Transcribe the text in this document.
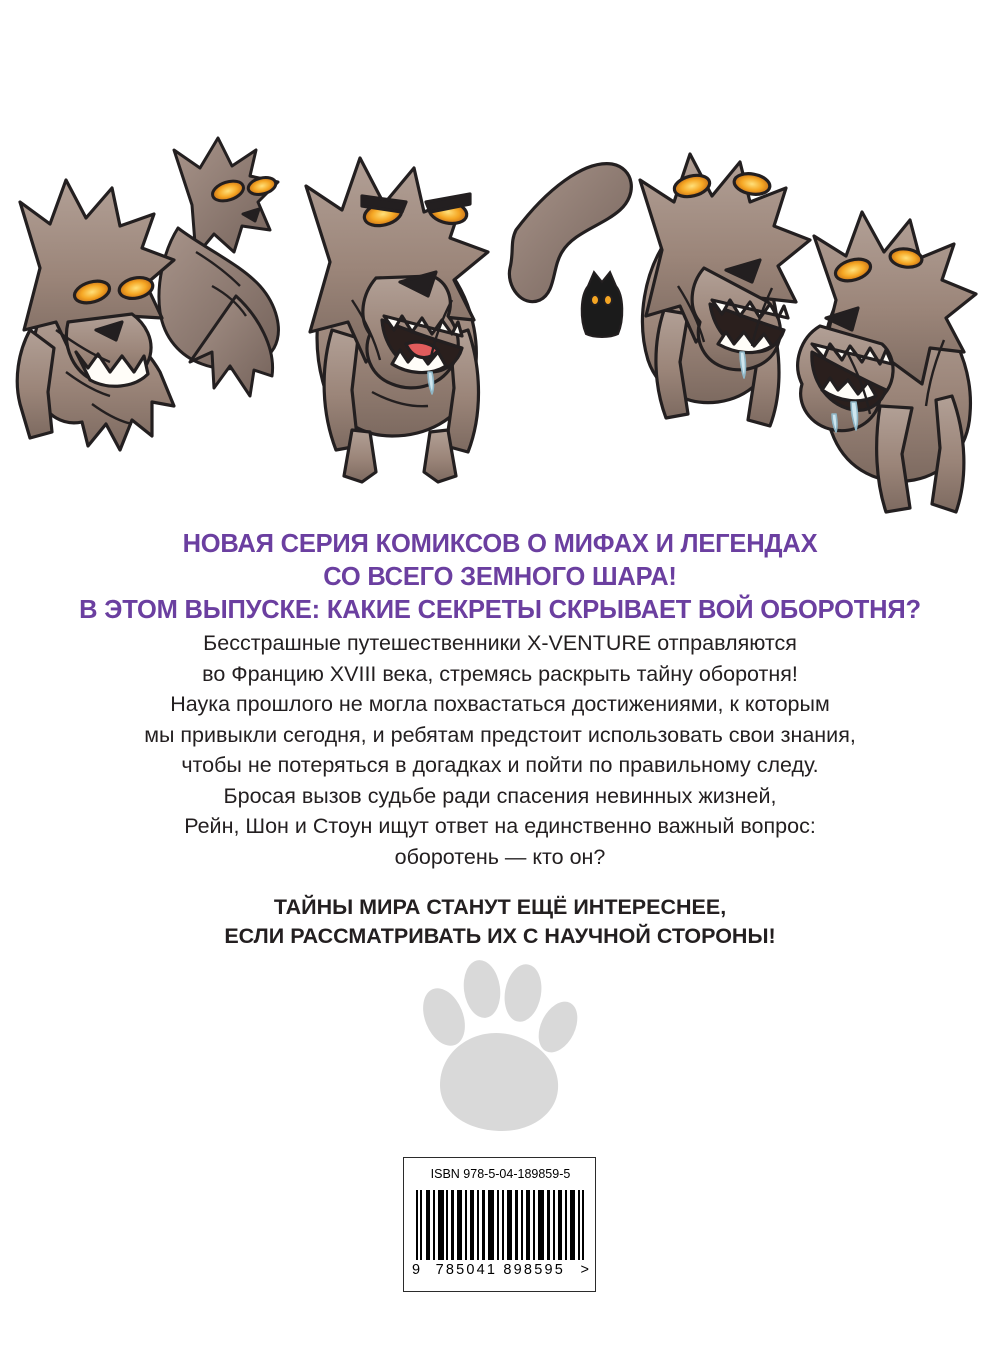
НОВАЯ СЕРИЯ КОМИКСОВ О МИФАХ И ЛЕГЕНДАХ
СО ВСЕГО ЗЕМНОГО ШАРА!
В ЭТОМ ВЫПУСКЕ: КАКИЕ СЕКРЕТЫ СКРЫВАЕТ ВОЙ ОБОРОТНЯ?
Бесстрашные путешественники X-VENTURE отправляются
во Францию XVIII века, стремясь раскрыть тайну оборотня!
Наука прошлого не могла похвастаться достижениями, к которым
мы привыкли сегодня, и ребятам предстоит использовать свои знания,
чтобы не потеряться в догадках и пойти по правильному следу.
Бросая вызов судьбе ради спасения невинных жизней,
Рейн, Шон и Стоун ищут ответ на единственно важный вопрос:
оборотень — кто он?
ТАЙНЫ МИРА СТАНУТ ЕЩЁ ИНТЕРЕСНЕЕ,
ЕСЛИ РАССМАТРИВАТЬ ИХ С НАУЧНОЙ СТОРОНЫ!
ISBN 978-5-04-189859-5
9 785041 898595 >
